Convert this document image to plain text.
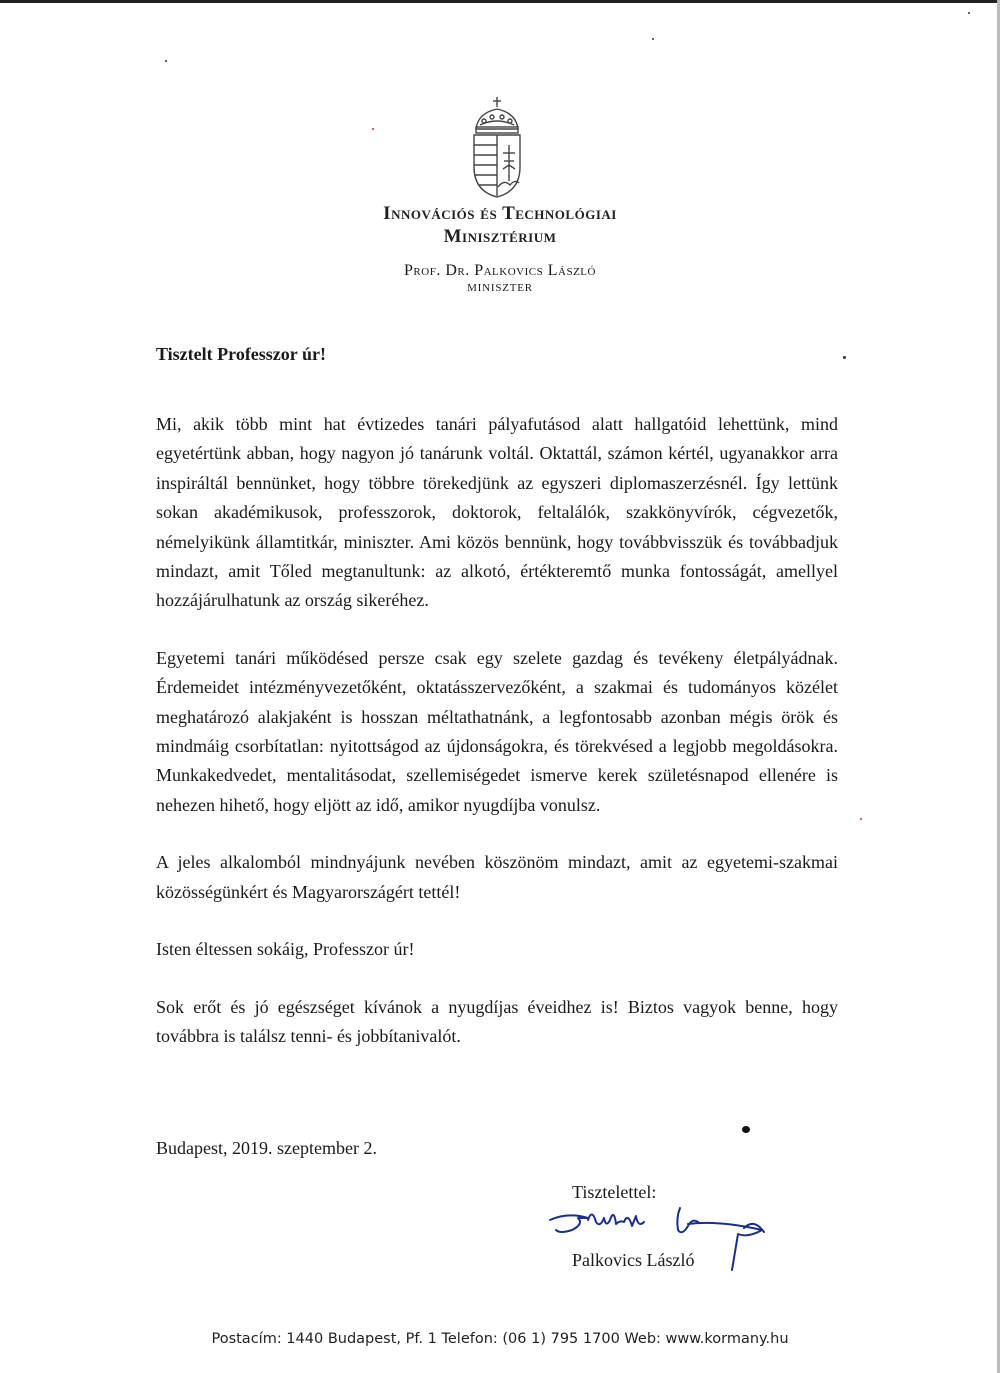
Innovációs és Technológiai
Minisztérium
Prof. Dr. Palkovics László
MINISZTER
Tisztelt Professzor úr!

Mi, akik több mint hat évtizedes tanári pályafutásod alatt hallgatóid lehettünk, mind egyetértünk abban, hogy nagyon jó tanárunk voltál. Oktattál, számon kértél, ugyanakkor arra inspiráltál bennünket, hogy többre törekedjünk az egyszeri diplomaszerzésnél. Így lettünk sokan akadémikusok, professzorok, doktorok, feltalálók, szakkönyvírók, cégvezetők, némelyikünk államtitkár, miniszter. Ami közös bennünk, hogy továbbvisszük és továbbadjuk mindazt, amit Tőled megtanultunk: az alkotó, értékteremtő munka fontosságát, amellyel hozzájárulhatunk az ország sikeréhez.

Egyetemi tanári működésed persze csak egy szelete gazdag és tevékeny életpályádnak. Érdemeidet intézményvezetőként, oktatásszervezőként, a szakmai és tudományos közélet meghatározó alakjaként is hosszan méltathatnánk, a legfontosabb azonban mégis örök és mindmáig csorbítatlan: nyitottságod az újdonságokra, és törekvésed a legjobb megoldásokra. Munkakedvedet, mentalitásodat, szellemiségedet ismerve kerek születésnapod ellenére is nehezen hihető, hogy eljött az idő, amikor nyugdíjba vonulsz.

A jeles alkalomból mindnyájunk nevében köszönöm mindazt, amit az egyetemi-szakmai közösségünkért és Magyarországért tettél!

Isten éltessen sokáig, Professzor úr!

Sok erőt és jó egészséget kívánok a nyugdíjas éveidhez is! Biztos vagyok benne, hogy továbbra is találsz tenni- és jobbítanivalót.

Budapest, 2019. szeptember 2.
Tisztelettel:
Palkovics László
Postacím: 1440 Budapest, Pf. 1 Telefon: (06 1) 795 1700 Web: www.kormany.hu
